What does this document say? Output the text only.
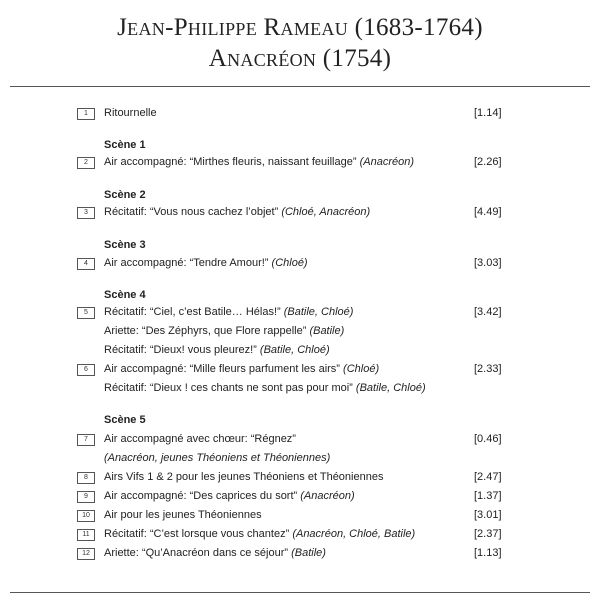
Jean-Philippe Rameau (1683-1764)
Anacréon (1754)
1	Ritournelle	[1.14]
Scène 1
2	Air accompagné: “Mirthes fleuris, naissant feuillage” (Anacréon)	[2.26]
Scène 2
3	Récitatif: “Vous nous cachez l’objet” (Chloé, Anacréon)	[4.49]
Scène 3
4	Air accompagné: “Tendre Amour!” (Chloé)	[3.03]
Scène 4
5	Récitatif: “Ciel, c’est Batile… Hélas!” (Batile, Chloé)	[3.42]
Ariette: “Des Zéphyrs, que Flore rappelle” (Batile)
Récitatif: “Dieux! vous pleurez!” (Batile, Chloé)
6	Air accompagné: “Mille fleurs parfument les airs” (Chloé)	[2.33]
Récitatif: “Dieux ! ces chants ne sont pas pour moi” (Batile, Chloé)
Scène 5
7	Air accompagné avec chœur: “Régnez”	[0.46]
(Anacréon, jeunes Théoniens et Théoniennes)
8	Airs Vifs 1 & 2 pour les jeunes Théoniens et Théoniennes	[2.47]
9	Air accompagné: “Des caprices du sort” (Anacréon)	[1.37]
10	Air pour les jeunes Théoniennes	[3.01]
11	Récitatif: “C’est lorsque vous chantez” (Anacréon, Chloé, Batile)	[2.37]
12	Ariette: “Qu’Anacréon dans ce séjour” (Batile)	[1.13]
